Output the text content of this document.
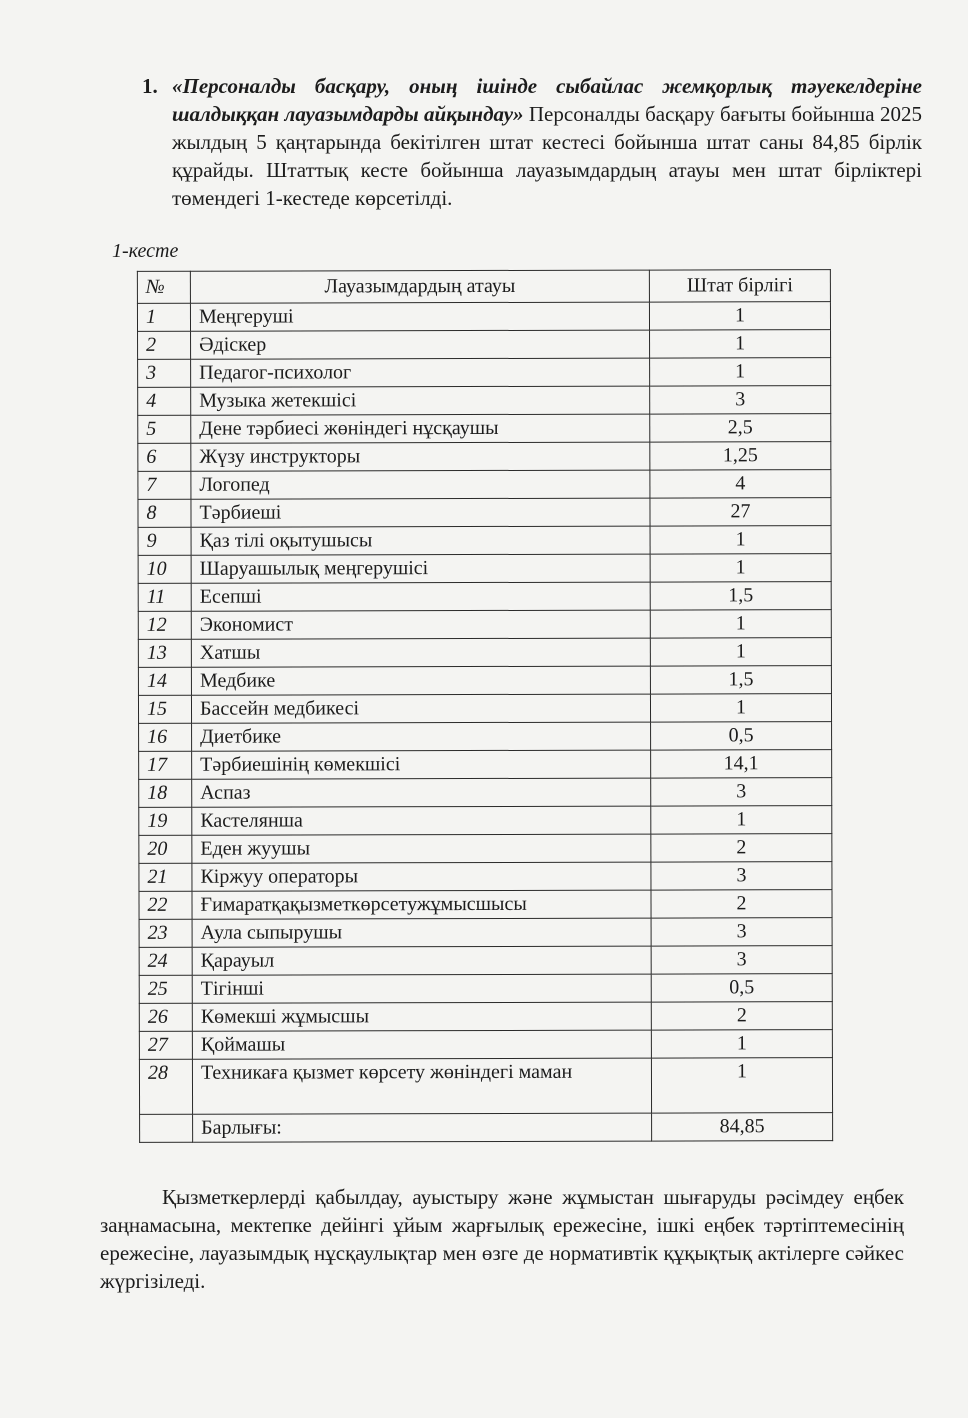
1. «Персоналды басқару, оның ішінде сыбайлас жемқорлық тәуекелдеріне шалдыққан лауазымдарды айқындау» Персоналды басқару бағыты бойынша 2025 жылдың 5 қаңтарында бекітілген штат кестесі бойынша штат саны 84,85 бірлік құрайды. Штаттық кесте бойынша лауазымдардың атауы мен штат бірліктері төмендегі 1-кестеде көрсетілді.
1-кесте
№	Лауазымдардың атауы	Штат бірлігі
1	Меңгеруші	1
2	Әдіскер	1
3	Педагог-психолог	1
4	Музыка жетекшісі	3
5	Дене тәрбиесі жөніндегі нұсқаушы	2,5
6	Жүзу инструкторы	1,25
7	Логопед	4
8	Тәрбиеші	27
9	Қаз тілі оқытушысы	1
10	Шаруашылық меңгерушісі	1
11	Есепші	1,5
12	Экономист	1
13	Хатшы	1
14	Медбике	1,5
15	Бассейн медбикесі	1
16	Диетбике	0,5
17	Тәрбиешінің көмекшісі	14,1
18	Аспаз	3
19	Кастелянша	1
20	Еден жуушы	2
21	Кіржуу операторы	3
22	Ғимаратқақызметкөрсетужұмысшысы	2
23	Аула сыпырушы	3
24	Қарауыл	3
25	Тігінші	0,5
26	Көмекші жұмысшы	2
27	Қоймашы	1
28	Техникаға қызмет көрсету жөніндегі маман	1
	Барлығы:	84,85
Қызметкерлерді қабылдау, ауыстыру және жұмыстан шығаруды рәсімдеу еңбек заңнамасына, мектепке дейінгі ұйым жарғылық ережесіне, ішкі еңбек тәртіптемесінің ережесіне, лауазымдық нұсқаулықтар мен өзге де нормативтік құқықтық актілерге сәйкес жүргізіледі.
